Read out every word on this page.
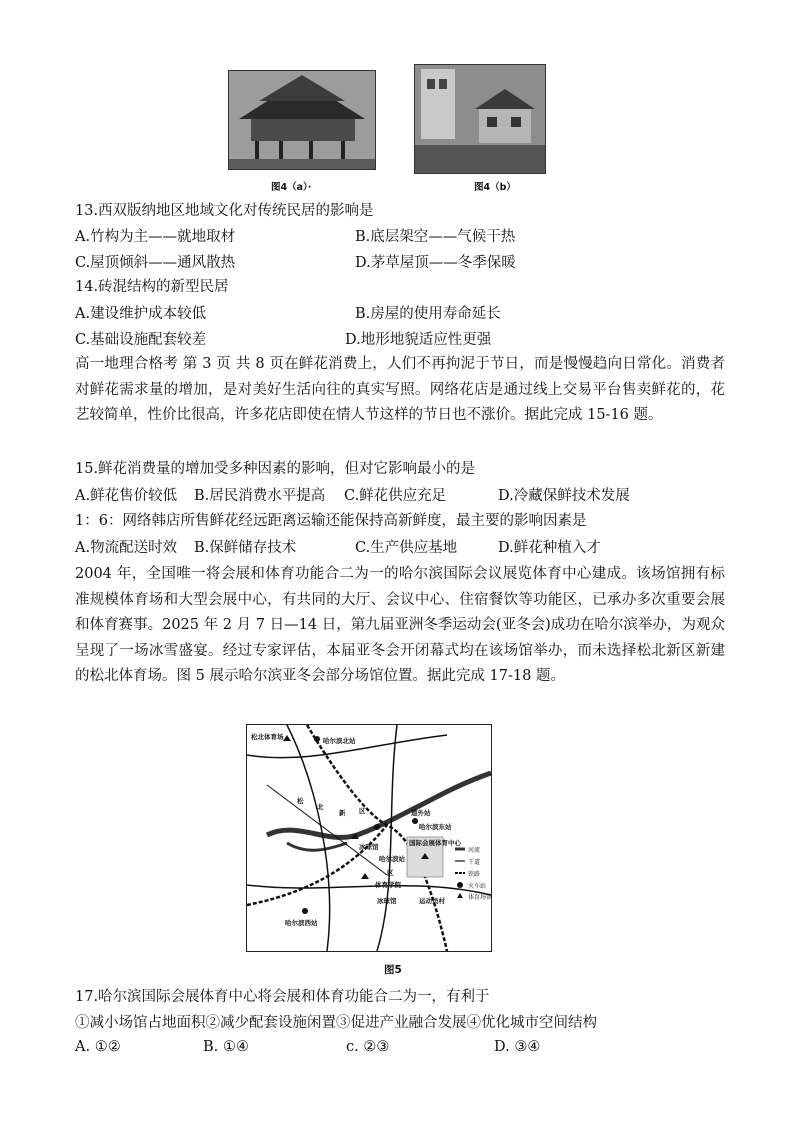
图4（a）·	图4（b）
13.西双版纳地区地域文化对传统民居的影响是
A.竹构为主——就地取材	B.底层架空——气候干热
C.屋顶倾斜——通风散热	D.茅草屋顶——冬季保暖
14.砖混结构的新型民居
A.建设维护成本较低	B.房屋的使用寿命延长
C.基础设施配套较差	D.地形地貌适应性更强
高一地理合格考 第 3 页 共 8 页在鲜花消费上，人们不再拘泥于节日，而是慢慢趋向日常化。消费者对鲜花需求量的增加，是对美好生活向往的真实写照。网络花店是通过线上交易平台售卖鲜花的，花艺较简单，性价比很高，许多花店即使在情人节这样的节日也不涨价。据此完成 15-16 题。
15.鲜花消费量的增加受多种因素的影响，但对它影响最小的是
A.鲜花售价较低 B.居民消费水平提高 C.鲜花供应充足	D.冷藏保鲜技术发展
1：6：网络韩店所售鲜花经远距离运输还能保持高新鲜度，最主要的影响因素是
A.物流配送时效 B.保鲜储存技术	C.生产供应基地	D.鲜花种植入才
2004 年，全国唯一将会展和体育功能合二为一的哈尔滨国际会议展览体育中心建成。该场馆拥有标准规模体育场和大型会展中心，有共同的大厅、会议中心、住宿餐饮等功能区，已承办多次重要会展和体育赛事。2025 年 2 月 7 日—14 日，第九届亚洲冬季运动会(亚冬会)成功在哈尔滨举办，为观众呈现了一场冰雪盛宴。经过专家评估，本届亚冬会开闭幕式均在该场馆举办，而未选择松北新区新建的松北体育场。图 5 展示哈尔滨亚冬会部分场馆位置。据此完成 17-18 题。
松北体育场	哈尔滨北站
松
北
新 区
冰球馆
哈尔滨站
区
体育学院
冰球馆
国际会展体育中心
运动员村
哈尔滨东站
道外站
哈尔滨西站
河流
干道
铁路
火车站
体育场馆
图5
17.哈尔滨国际会展体育中心将会展和体育功能合二为一，有利于
①减小场馆占地面积②减少配套设施闲置③促进产业融合发展④优化城市空间结构
A. ①②	B. ①④	c. ②③	D. ③④
